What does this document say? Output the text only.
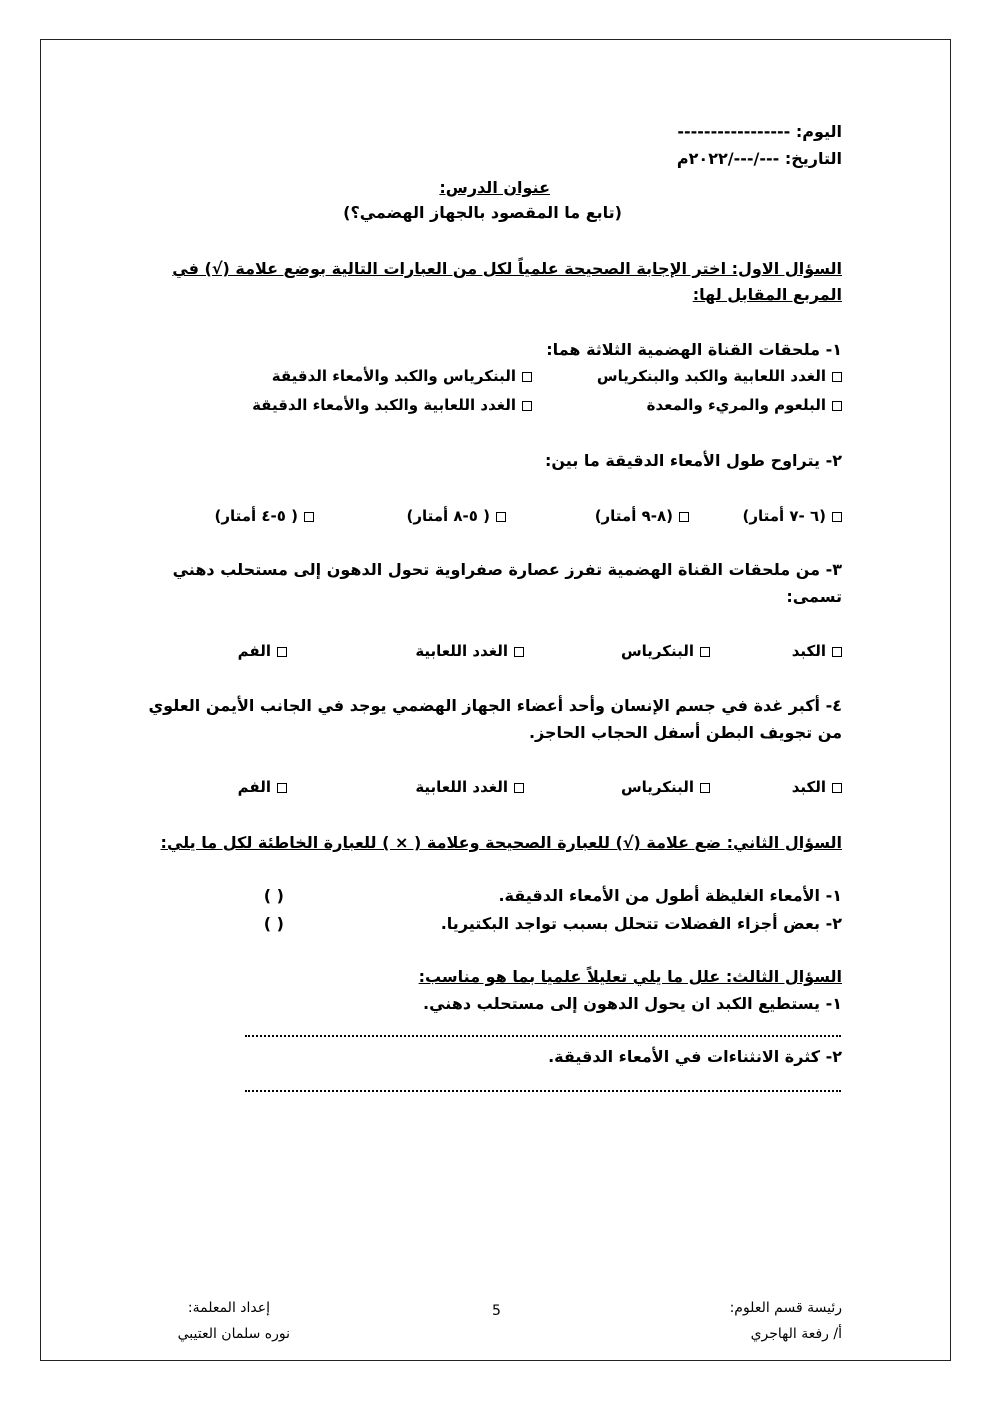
اليوم: -----------------
التاريخ: ---/---/٢٠٢٢م
عنوان الدرس:
(تابع ما المقصود بالجهاز الهضمي؟)
السؤال الاول: اختر الإجابة الصحيحة علمياً لكل من العبارات التالية بوضع علامة (√) في
المربع المقابل لها:
١- ملحقات القناة الهضمية الثلاثة هما:
الغدد اللعابية والكبد والبنكرياس
البنكرياس والكبد والأمعاء الدقيقة
البلعوم والمريء والمعدة
الغدد اللعابية والكبد والأمعاء الدقيقة
٢- يتراوح طول الأمعاء الدقيقة ما بين:
(٦ -٧ أمتار)
(٨-٩ أمتار)
( ٥-٨ أمتار)
( ٥-٤ أمتار)
٣- من ملحقات القناة الهضمية تفرز عصارة صفراوية تحول الدهون إلى مستحلب دهني
تسمى:
الكبد
البنكرياس
الغدد اللعابية
الفم
٤- أكبر غدة في جسم الإنسان وأحد أعضاء الجهاز الهضمي يوجد في الجانب الأيمن العلوي
من تجويف البطن أسفل الحجاب الحاجز.
الكبد
البنكرياس
الغدد اللعابية
الفم
السؤال الثاني: ضع علامة (√) للعبارة الصحيحة وعلامة ( × ) للعبارة الخاطئة لكل ما يلي:
١- الأمعاء الغليظة أطول من الأمعاء الدقيقة.
( )
٢- بعض أجزاء الفضلات تتحلل بسبب تواجد البكتيريا.
( )
السؤال الثالث: علل ما يلي تعليلاً علميا بما هو مناسب:
١- يستطيع الكبد ان يحول الدهون إلى مستحلب دهني.
٢- كثرة الانثناءات في الأمعاء الدقيقة.
رئيسة قسم العلوم:
أ/ رفعة الهاجري
5
إعداد المعلمة:
نوره سلمان العتيبي
